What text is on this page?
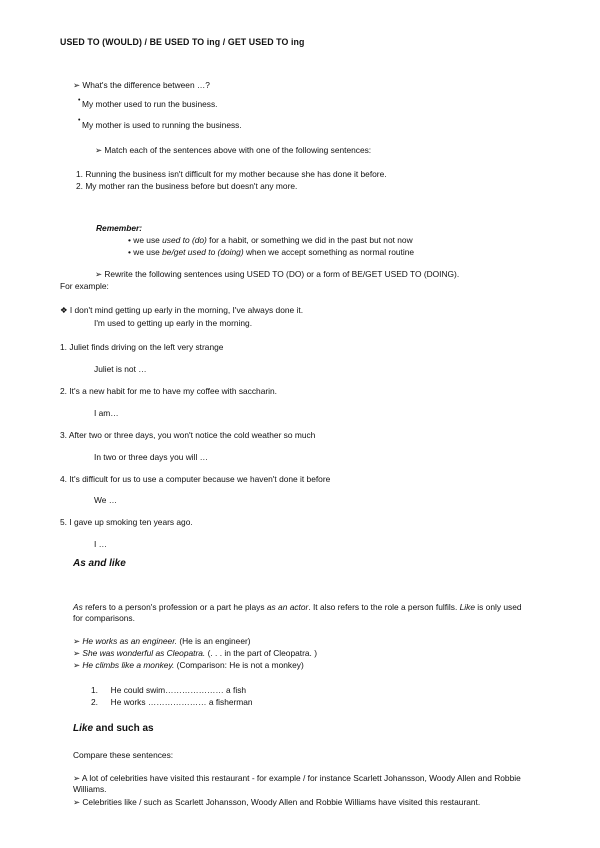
USED TO (WOULD) / BE USED TO ing / GET USED TO ing
➢ What's the difference between …?
• My mother used to run the business.
• My mother is used to running the business.
➢ Match each of the sentences above with one of the following sentences:
1. Running the business isn't difficult for my mother because she has done it before.
2. My mother ran the business before but doesn't any more.
Remember:
• we use used to (do) for a habit, or something we did in the past but not now
• we use be/get used to (doing) when we accept something as normal routine
➢ Rewrite the following sentences using USED TO (DO) or a form of BE/GET USED TO (DOING).
For example:
❖ I don't mind getting up early in the morning, I've always done it.
I'm used to getting up early in the morning.
1. Juliet finds driving on the left very strange
Juliet is not …
2. It's a new habit for me to have my coffee with saccharin.
I am…
3. After two or three days, you won't notice the cold weather so much
In two or three days you will …
4. It's difficult for us to use a computer because we haven't done it before
We …
5. I gave up smoking ten years ago.
I …
As and like
As refers to a person's profession or a part he plays as an actor. It also refers to the role a person fulfils. Like is only used for comparisons.
➢ He works as an engineer. (He is an engineer)
➢ She was wonderful as Cleopatra. (. . . in the part of Cleopatra. )
➢ He climbs like a monkey. (Comparison: He is not a monkey)
1. He could swim………………… a fish
2. He works ………………… a fisherman
Like and such as
Compare these sentences:
➢ A lot of celebrities have visited this restaurant - for example / for instance Scarlett Johansson, Woody Allen and Robbie Williams.
➢ Celebrities like / such as Scarlett Johansson, Woody Allen and Robbie Williams have visited this restaurant.
